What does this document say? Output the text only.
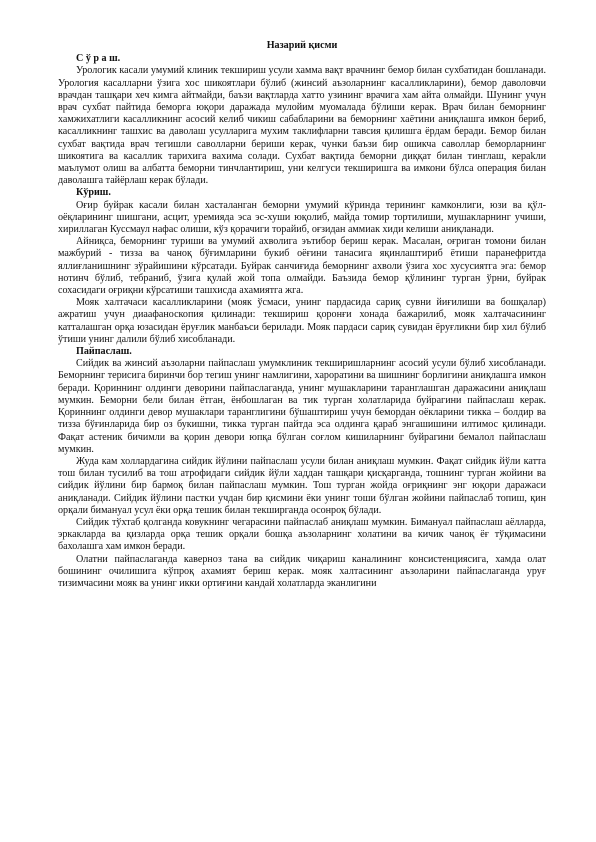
Назарий қисми

С ў р а ш.

Урологик касали умумий клиник текшириш усули хамма вақт врачнинг бемор билан сухбатидан бошланади. Урология касалларни ўзига хос шикоятлари бўлиб (жинсий аъзоларнинг касалликларини), бемор даволовчи врачдан ташқари хеч кимга айтмайди, баъзи вақтларда хатто узининг врачига хам айта олмайди. Шунинг учун врач сухбат пайтида беморга юқори даражада мулойим муомалада бўлиши керак. Врач билан беморнинг хамжихатлиги касалликнинг асосий келиб чикиш сабабларини ва беморнинг хаётини аниқлашга имкон бериб, касалликнинг ташхис ва даволаш усулларига мухим таклифларни тавсия қилишга ёрдам беради. Бемор билан сухбат вақтида врач тегишли саволларни бериши керак, чунки баъзи бир ошикча саволлар беморларнинг шикоятига ва касаллик тарихига вахима солади. Сухбат вақтида беморни диққат билан тинглаш, кераkли маълумот олиш ва албатта беморни тинчлантириш, уни келгуси текширишга ва имкони бўлса операция билан даволашга тайёрлаш керак бўлади.

Кўриш.

Оғир буйрак касали билан хасталанган беморни умумий кўринда терининг камконлиги, юзи ва қўл-оёқларининг шишгани, асцит, уремияда эса эс-хуши юқолиб, майда томир тортилиши, мушакларнинг учиши, хириллаган Куссмаул нафас олиши, кўз қорачиги торайиб, оғзидан аммиак хиди келиши аниқланади.

Айниқса, беморнинг туриши ва умумий ахволига эътибор бериш керак. Масалан, оғриган томони билан мажбурий - тизза ва чаноқ бўғимларини букиб оёғини танасига яқинлаштириб ётиши паранефритда яллиғланишнинг зўрайишини кўрсатади. Буйрак санчиғида беморнинг ахволи ўзига хос хусусиятга эга: бемор нотинч бўлиб, тебраниб, ўзига қулай жой топа олмайди. Баъзида бемор қўлининг турган ўрни, буйрак сохасидаги оғриқни кўрсатиши ташхисда ахамиятга жга.

Мояк халтачаси касалликларини (мояк ўсмаси, унинг пардасида сариқ сувни йиғилиши ва бошқалар) ажратиш учун диаафаноскопия қилинади: текшириш қоронғи хонада бажарилиб, мояк халтачасининг катталашган орқа юзасидан ёруғлик манбаъси берилади. Мояк пардаси сариқ сувидан ёруғликни бир хил бўлиб ўтиши унинг далили бўлиб хисобланади.

Пайпаслаш.

Сийдик ва жинсий аъзоларни пайпаслаш умумклиник текширишларнинг асосий усули бўлиб хисобланади. Беморнинг терисига биринчи бор тегиш унинг намлигини, хароратини ва шишнинг борлигини аниқлашга имкон беради. Қориннинг олдинги деворини пайпаслаганда, унинг мушакларини таранглашган даражасини аниқлаш мумкин. Беморни бели билан ётган, ёнбошлаган ва тик турган холатларида буйрагини пайпаслаш керак. Қориннинг олдинги девор мушаклари таранглигини бўшаштириш учун бемордан оёкларини тикка – болдир ва тизза бўғинларида бир оз букишни, тикка турган пайтда эса олдинга қараб энгашишини илтимос қилинади. Фақат астеник бичимли ва қорин девори юпқа бўлган соғлом кишиларнинг буйрагини бемалол пайпаслаш мумкин.

Жуда кам холлардагина сийдик йўлини пайпаслаш усули билан аниқлаш мумкин. Фақат сийдик йўли катта тош билан тусилиб ва тош атрофидаги сийдик йўли хаддан ташқари қисқарганда, тошнинг турган жойини ва сийдик йўлини бир бармоқ билан пайпаслаш мумкин. Тош турган жойда оғриқнинг энг юқори даражаси аниқланади. Сийдик йўлини пастки учдан бир қисмини ёки унинг тоши бўлган жойини пайпаслаб топиш, қин орқали бимануал усул ёки орқа тешик билан текширганда осонроқ бўлади.

Сийдик тўхтаб қолганда ковукнинг чегарасини пайпаслаб аниқлаш мумкин. Бимануал пайпаслаш аёлларда, эркакларда ва қизларда орқа тешик орқали бошқа аъзоларнинг холатини ва кичик чаноқ ёғ тўқимасини бахолашга хам имкон беради.

Олатни пайпаслаганда каверноз тана ва сийдик чиқариш каналининг консистенциясига, хамда олат бошининг очилишига кўпроқ ахамият бериш керак. мояк халтасининг аъзоларини пайпаслаганда уруғ тизимчасини мояк ва унинг икки ортиғини кандай холатларда эканлигини
